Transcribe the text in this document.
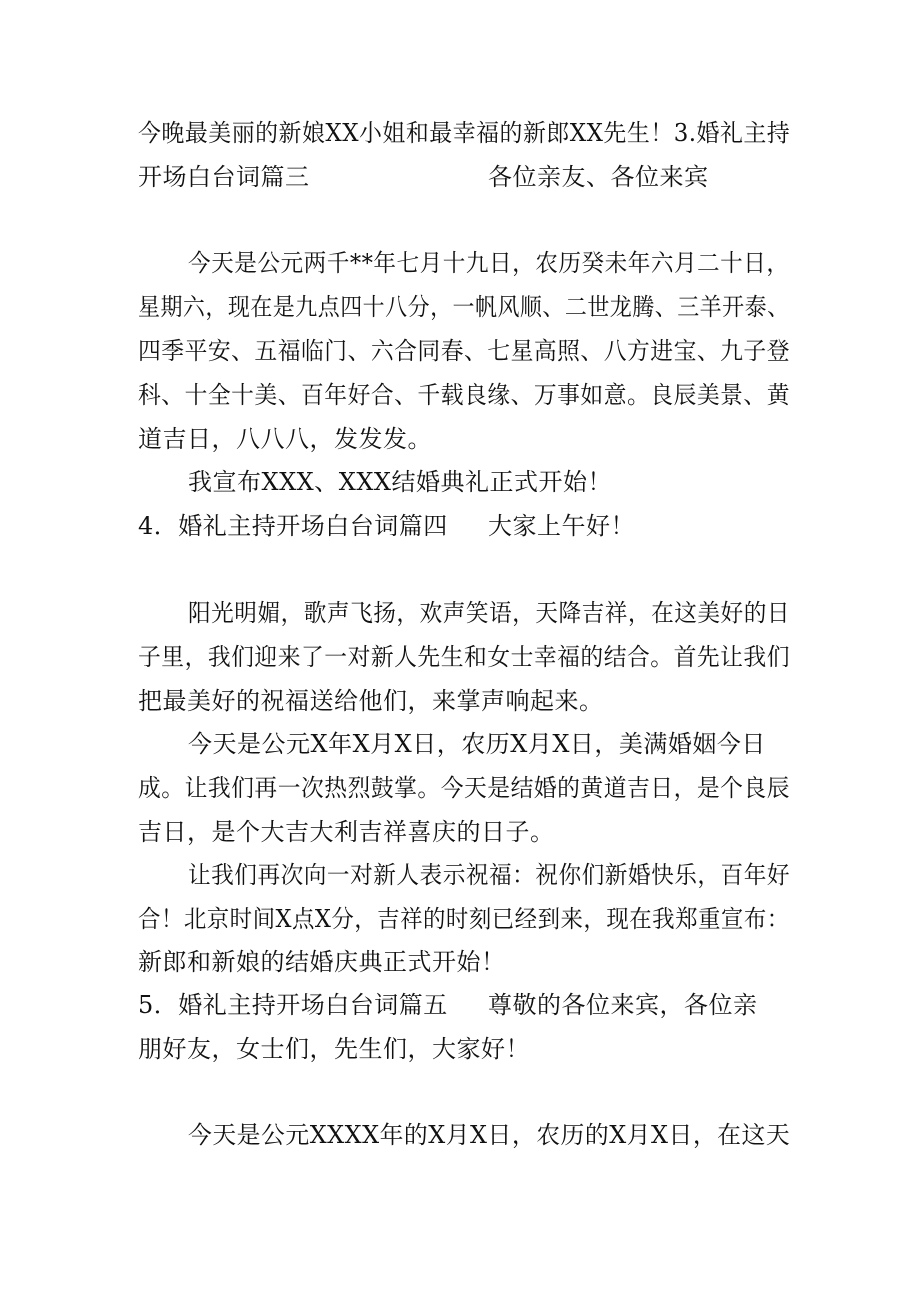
今晚最美丽的新娘XX小姐和最幸福的新郎XX先生！3.婚礼主持
开场白台词篇三	各位亲友、各位来宾
今天是公元两千**年七月十九日，农历癸未年六月二十日，
星期六，现在是九点四十八分，一帆风顺、二世龙腾、三羊开泰、
四季平安、五福临门、六合同春、七星高照、八方进宝、九子登
科、十全十美、百年好合、千载良缘、万事如意。良辰美景、黄
道吉日，八八八，发发发。
我宣布XXX、XXX结婚典礼正式开始！
4．婚礼主持开场白台词篇四 大家上午好！
阳光明媚，歌声飞扬，欢声笑语，天降吉祥，在这美好的日
子里，我们迎来了一对新人先生和女士幸福的结合。首先让我们
把最美好的祝福送给他们，来掌声响起来。
今天是公元X年X月X日，农历X月X日，美满婚姻今日
成。让我们再一次热烈鼓掌。今天是结婚的黄道吉日，是个良辰
吉日，是个大吉大利吉祥喜庆的日子。
让我们再次向一对新人表示祝福：祝你们新婚快乐，百年好
合！北京时间X点X分，吉祥的时刻已经到来，现在我郑重宣布：
新郎和新娘的结婚庆典正式开始！
5．婚礼主持开场白台词篇五 尊敬的各位来宾，各位亲
朋好友，女士们，先生们，大家好！
今天是公元XXXX年的X月X日，农历的X月X日，在这天
